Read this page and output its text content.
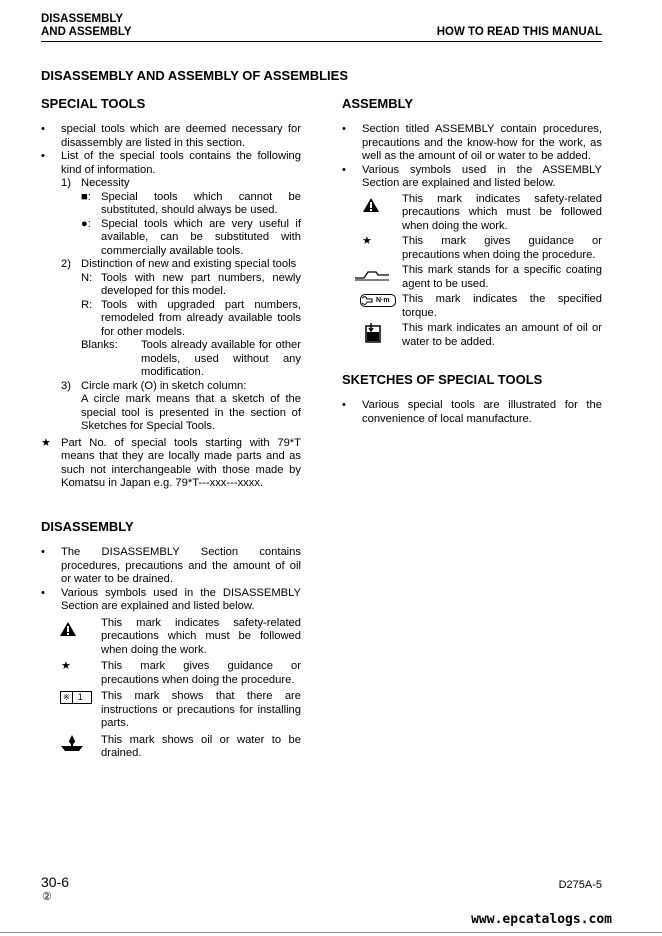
DISASSEMBLY
AND ASSEMBLY	HOW TO READ THIS MANUAL
DISASSEMBLY AND ASSEMBLY OF ASSEMBLIES
SPECIAL TOOLS
• special tools which are deemed necessary for disassembly are listed in this section.
• List of the special tools contains the following kind of information.
1) Necessity
■: Special tools which cannot be substituted, should always be used.
●: Special tools which are very useful if available, can be substituted with commercially available tools.
2) Distinction of new and existing special tools
N: Tools with new part numbers, newly developed for this model.
R: Tools with upgraded part numbers, remodeled from already available tools for other models.
Blanks: Tools already available for other models, used without any modification.
3) Circle mark (O) in sketch column:
A circle mark means that a sketch of the special tool is presented in the section of Sketches for Special Tools.
★ Part No. of special tools starting with 79*T means that they are locally made parts and as such not interchangeable with those made by Komatsu in Japan e.g. 79*T---xxx---xxxx.
DISASSEMBLY
• The DISASSEMBLY Section contains procedures, precautions and the amount of oil or water to be drained.
• Various symbols used in the DISASSEMBLY Section are explained and listed below.
This mark indicates safety-related precautions which must be followed when doing the work.
★	This mark gives guidance or precautions when doing the procedure.
※ 1 This mark shows that there are instructions or precautions for installing parts.
This mark shows oil or water to be drained.
ASSEMBLY
• Section titled ASSEMBLY contain procedures, precautions and the know-how for the work, as well as the amount of oil or water to be added.
• Various symbols used in the ASSEMBLY Section are explained and listed below.
This mark indicates safety-related precautions which must be followed when doing the work.
★	This mark gives guidance or precautions when doing the procedure.
This mark stands for a specific coating agent to be used.
N·m This mark indicates the specified torque.
This mark indicates an amount of oil or water to be added.
SKETCHES OF SPECIAL TOOLS
• Various special tools are illustrated for the convenience of local manufacture.
30-6
②
D275A-5
www.epcatalogs.com
